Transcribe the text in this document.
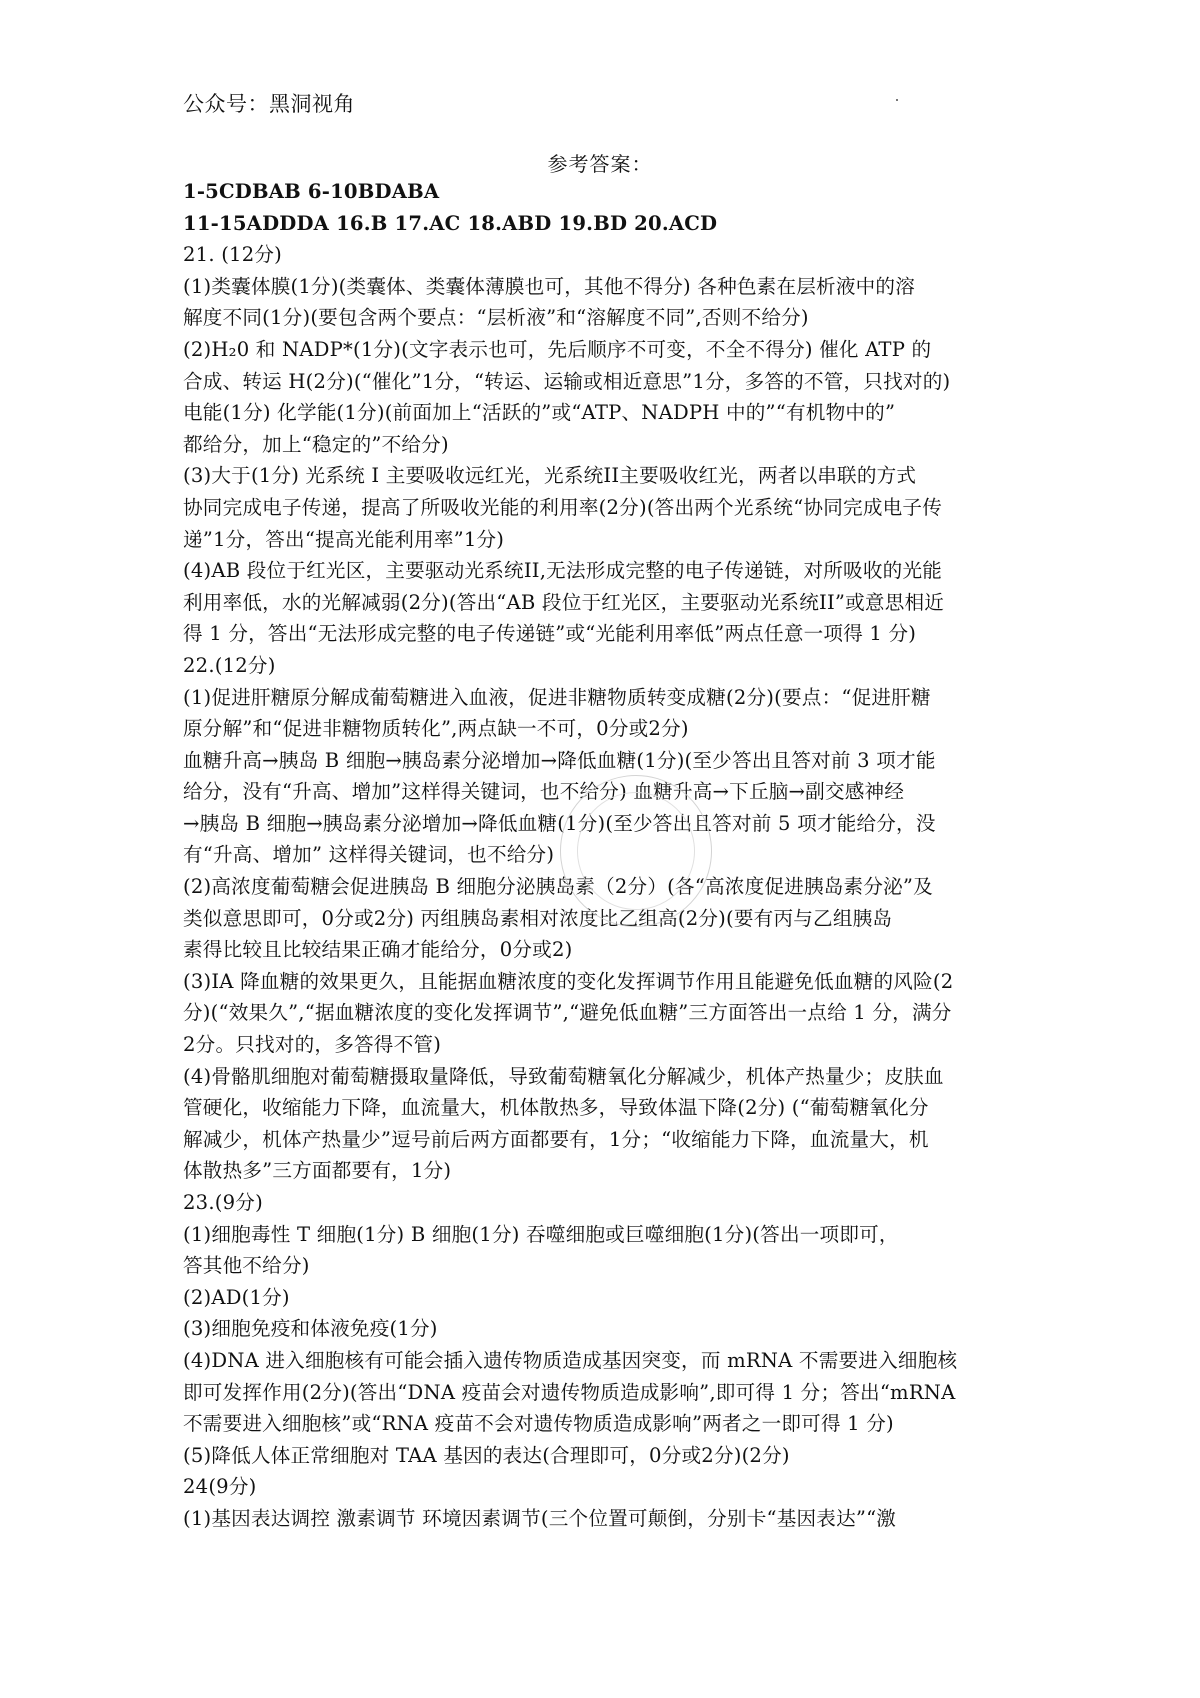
公众号：黑洞视角
参考答案：
1-5CDBAB 6-10BDABA
11-15ADDDA 16.B 17.AC 18.ABD 19.BD 20.ACD
21. (12分)
(1)类囊体膜(1分)(类囊体、类囊体薄膜也可，其他不得分) 各种色素在层析液中的溶
解度不同(1分)(要包含两个要点：“层析液”和“溶解度不同”,否则不给分)
(2)H₂0 和 NADP*(1分)(文字表示也可，先后顺序不可变，不全不得分) 催化 ATP 的
合成、转运 H(2分)(“催化”1分，“转运、运输或相近意思”1分，多答的不管，只找对的)
电能(1分) 化学能(1分)(前面加上“活跃的”或“ATP、NADPH 中的”“有机物中的”
都给分，加上“稳定的”不给分)
(3)大于(1分) 光系统 I 主要吸收远红光，光系统II主要吸收红光，两者以串联的方式
协同完成电子传递，提高了所吸收光能的利用率(2分)(答出两个光系统“协同完成电子传
递”1分，答出“提高光能利用率”1分)
(4)AB 段位于红光区，主要驱动光系统II,无法形成完整的电子传递链，对所吸收的光能
利用率低，水的光解减弱(2分)(答出“AB 段位于红光区，主要驱动光系统II”或意思相近
得 1 分，答出“无法形成完整的电子传递链”或“光能利用率低”两点任意一项得 1 分)
22.(12分)
(1)促进肝糖原分解成葡萄糖进入血液，促进非糖物质转变成糖(2分)(要点：“促进肝糖
原分解”和“促进非糖物质转化”,两点缺一不可，0分或2分)
血糖升高→胰岛 B 细胞→胰岛素分泌增加→降低血糖(1分)(至少答出且答对前 3 项才能
给分，没有“升高、增加”这样得关键词，也不给分) 血糖升高→下丘脑→副交感神经
→胰岛 B 细胞→胰岛素分泌增加→降低血糖(1分)(至少答出且答对前 5 项才能给分，没
有“升高、增加” 这样得关键词，也不给分)
(2)高浓度葡萄糖会促进胰岛 B 细胞分泌胰岛素（2分）(各“高浓度促进胰岛素分泌”及
类似意思即可，0分或2分) 丙组胰岛素相对浓度比乙组高(2分)(要有丙与乙组胰岛
素得比较且比较结果正确才能给分，0分或2)
(3)IA 降血糖的效果更久，且能据血糖浓度的变化发挥调节作用且能避免低血糖的风险(2
分)(“效果久”,“据血糖浓度的变化发挥调节”,“避免低血糖”三方面答出一点给 1 分，满分
2分。只找对的，多答得不管)
(4)骨骼肌细胞对葡萄糖摄取量降低，导致葡萄糖氧化分解减少，机体产热量少；皮肤血
管硬化，收缩能力下降，血流量大，机体散热多，导致体温下降(2分) (“葡萄糖氧化分
解减少，机体产热量少”逗号前后两方面都要有，1分；“收缩能力下降，血流量大，机
体散热多”三方面都要有，1分)
23.(9分)
(1)细胞毒性 T 细胞(1分) B 细胞(1分) 吞噬细胞或巨噬细胞(1分)(答出一项即可，
答其他不给分)
(2)AD(1分)
(3)细胞免疫和体液免疫(1分)
(4)DNA 进入细胞核有可能会插入遗传物质造成基因突变，而 mRNA 不需要进入细胞核
即可发挥作用(2分)(答出“DNA 疫苗会对遗传物质造成影响”,即可得 1 分；答出“mRNA
不需要进入细胞核”或“RNA 疫苗不会对遗传物质造成影响”两者之一即可得 1 分)
(5)降低人体正常细胞对 TAA 基因的表达(合理即可，0分或2分)(2分)
24(9分)
(1)基因表达调控 激素调节 环境因素调节(三个位置可颠倒，分别卡“基因表达”“激
